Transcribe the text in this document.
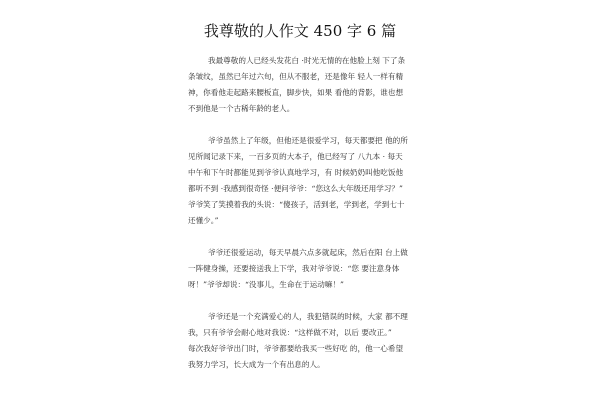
我尊敬的人作文 450 字 6 篇
我最尊敬的人已经头发花白 ·时光无情的在他脸上刻 下了条
条皱纹，虽然已年过六旬，但从不服老，还是像年 轻人一样有精
神，你看他走起路来腰板直，脚步快，如果 看他的背影，谁也想
不到他是一个古稀年龄的老人。
爷爷虽然上了年级，但他还是很爱学习，每天都要把 他的所
见所闻记录下来，一百多页的大本子，他已经写了 八九本 · 每天
中午和下午时都能见到爷爷认真地学习，有 时候奶奶叫他吃饭他
都听不到 ·我感到很奇怪 ·便问爷爷：“您这么大年级还用学习？”
爷爷笑了笑摸着我的头说：“傻孩子，活到老，学到老，学到七十
还懂少。”
爷爷还很爱运动，每天早晨六点多就起床，然后在阳 台上做
一阵健身操，还要接送我上下学，我对爷爷说：“您 要注意身体
呀！”爷爷却说：“没事儿，生命在于运动嘛！”
爷爷还是一个充满爱心的人，我犯错误的时候，大家 都不理
我，只有爷爷会耐心地对我说：“这样做不对，以后 要改正。”
每次我好爷爷出门时，爷爷都要给我买一些好吃 的，他一心希望
我努力学习，长大成为一个有出息的人。
